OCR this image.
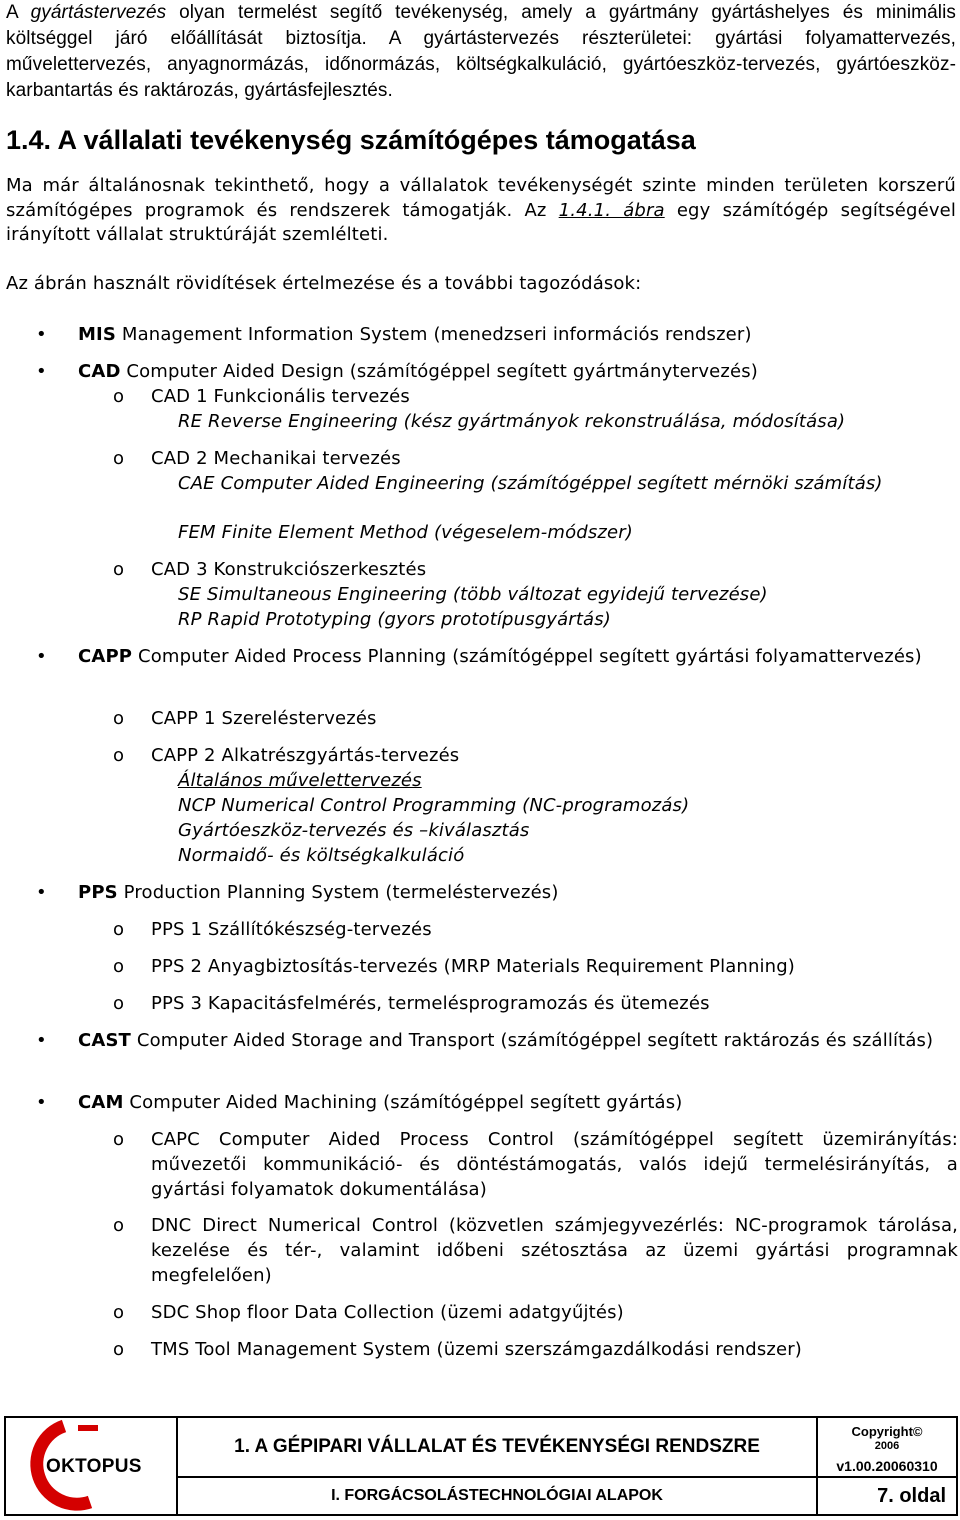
A gyártástervezés olyan termelést segítő tevékenység, amely a gyártmány gyártáshelyes és minimális költséggel járó előállítását biztosítja. A gyártástervezés részterületei: gyártási folyamattervezés, művelettervezés, anyagnormázás, időnormázás, költségkalkuláció, gyártóeszköz-tervezés, gyártóeszköz-karbantartás és raktározás, gyártásfejlesztés.
1.4. A vállalati tevékenység számítógépes támogatása
Ma már általánosnak tekinthető, hogy a vállalatok tevékenységét szinte minden területen korszerű számítógépes programok és rendszerek támogatják. Az 1.4.1. ábra egy számítógép segítségével irányított vállalat struktúráját szemlélteti.
Az ábrán használt rövidítések értelmezése és a további tagozódások:
• MIS Management Information System (menedzseri információs rendszer)
• CAD Computer Aided Design (számítógéppel segített gyártmánytervezés)
o CAD 1 Funkcionális tervezés
RE Reverse Engineering (kész gyártmányok rekonstruálása, módosítása)
o CAD 2 Mechanikai tervezés
CAE Computer Aided Engineering (számítógéppel segített mérnöki számítás)
FEM Finite Element Method (végeselem-módszer)
o CAD 3 Konstrukciószerkesztés
SE Simultaneous Engineering (több változat egyidejű tervezése)
RP Rapid Prototyping (gyors prototípusgyártás)
• CAPP Computer Aided Process Planning (számítógéppel segített gyártási folyamattervezés)
o CAPP 1 Szereléstervezés
o CAPP 2 Alkatrészgyártás-tervezés
Általános művelettervezés
NCP Numerical Control Programming (NC-programozás)
Gyártóeszköz-tervezés és –kiválasztás
Normaidő- és költségkalkuláció
• PPS Production Planning System (termeléstervezés)
o PPS 1 Szállítókészség-tervezés
o PPS 2 Anyagbiztosítás-tervezés (MRP Materials Requirement Planning)
o PPS 3 Kapacitásfelmérés, termelésprogramozás és ütemezés
• CAST Computer Aided Storage and Transport (számítógéppel segített raktározás és szállítás)
• CAM Computer Aided Machining (számítógéppel segített gyártás)
o CAPC Computer Aided Process Control (számítógéppel segített üzemirányítás: művezetői kommunikáció- és döntéstámogatás, valós idejű termelésirányítás, a gyártási folyamatok dokumentálása)
o DNC Direct Numerical Control (közvetlen számjegyvezérlés: NC-programok tárolása, kezelése és tér-, valamint időbeni szétosztása az üzemi gyártási programnak megfelelően)
o SDC Shop floor Data Collection (üzemi adatgyűjtés)
o TMS Tool Management System (üzemi szerszámgazdálkodási rendszer)
OKTOPUS
1. A GÉPIPARI VÁLLALAT ÉS TEVÉKENYSÉGI RENDSZRE
I. FORGÁCSOLÁSTECHNOLÓGIAI ALAPOK
Copyright©
2006
v1.00.20060310
7. oldal
